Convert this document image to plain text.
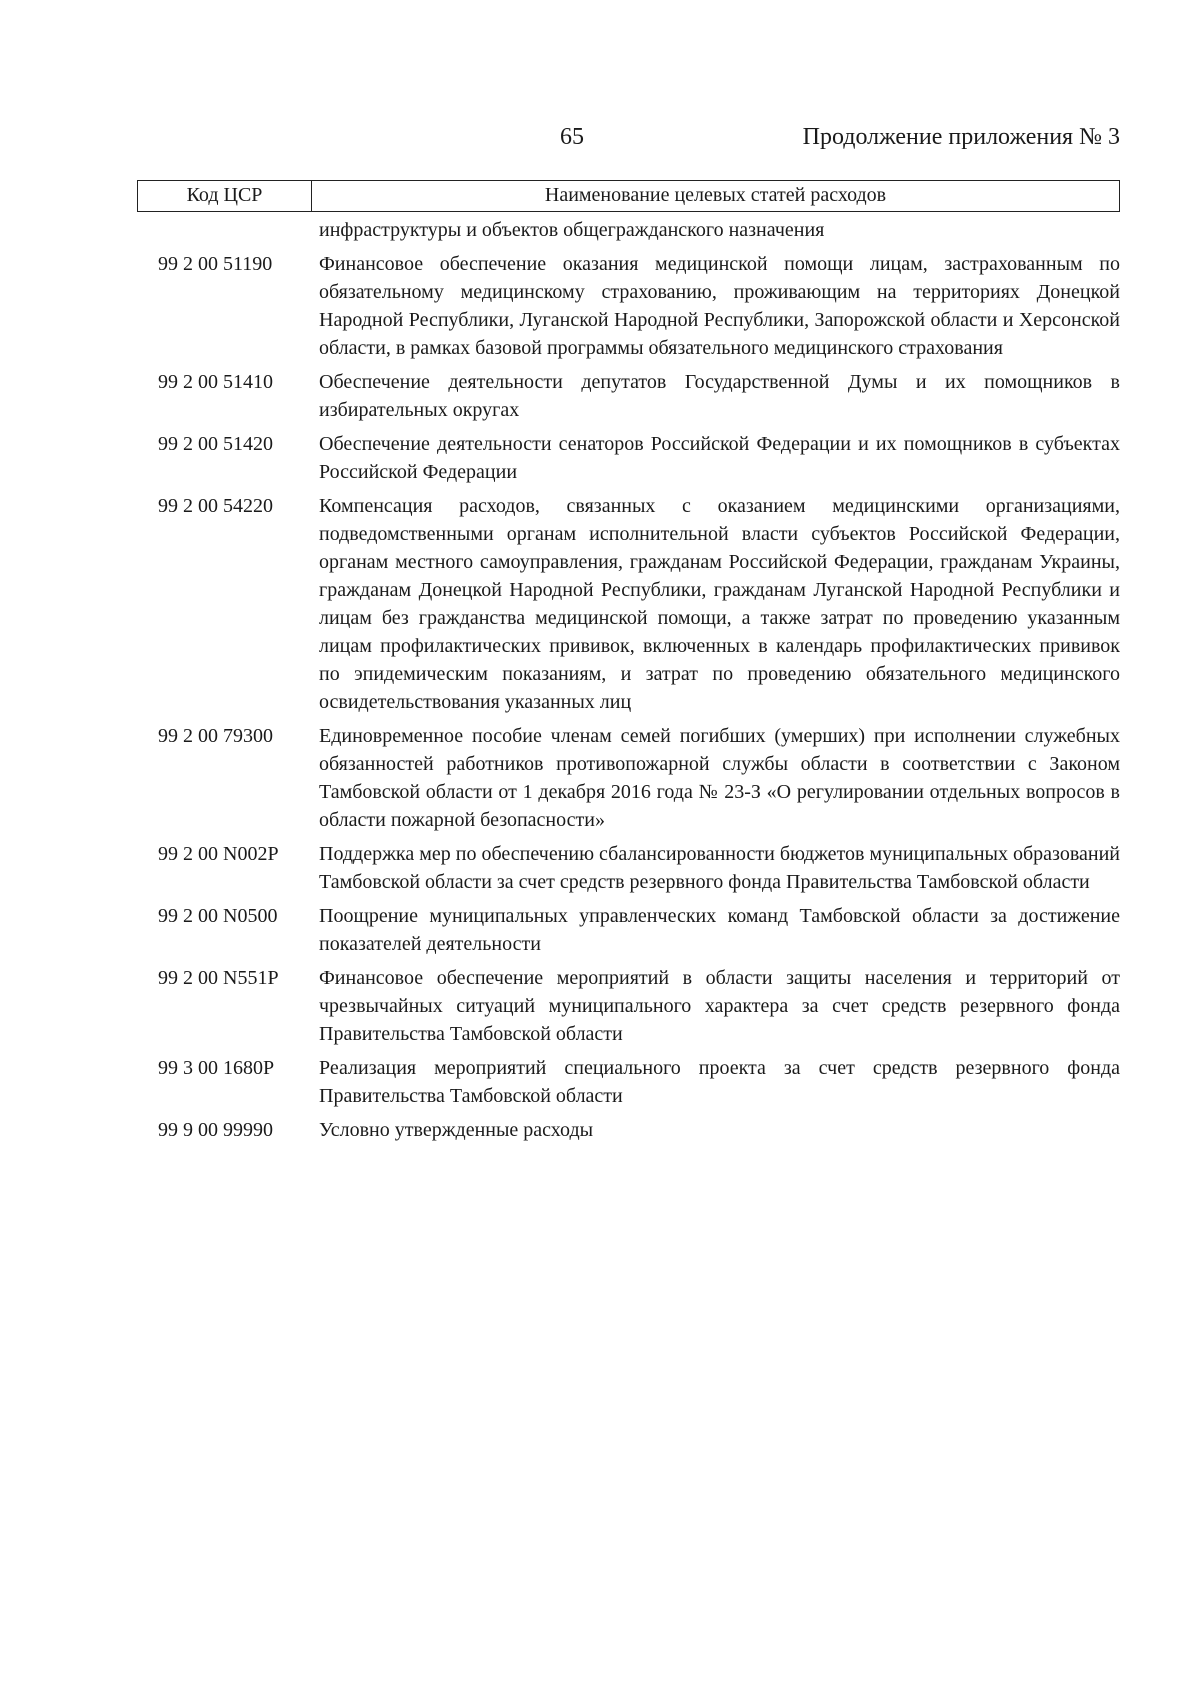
65	Продолжение приложения № 3
Код ЦСР	Наименование целевых статей расходов
инфраструктуры и объектов общегражданского назначения
99 2 00 51190	Финансовое обеспечение оказания медицинской помощи лицам, застрахованным по обязательному медицинскому страхованию, проживающим на территориях Донецкой Народной Республики, Луганской Народной Республики, Запорожской области и Херсонской области, в рамках базовой программы обязательного медицинского страхования
99 2 00 51410	Обеспечение деятельности депутатов Государственной Думы и их помощников в избирательных округах
99 2 00 51420	Обеспечение деятельности сенаторов Российской Федерации и их помощников в субъектах Российской Федерации
99 2 00 54220	Компенсация расходов, связанных с оказанием медицинскими организациями, подведомственными органам исполнительной власти субъектов Российской Федерации, органам местного самоуправления, гражданам Российской Федерации, гражданам Украины, гражданам Донецкой Народной Республики, гражданам Луганской Народной Республики и лицам без гражданства медицинской помощи, а также затрат по проведению указанным лицам профилактических прививок, включенных в календарь профилактических прививок по эпидемическим показаниям, и затрат по проведению обязательного медицинского освидетельствования указанных лиц
99 2 00 79300	Единовременное пособие членам семей погибших (умерших) при исполнении служебных обязанностей работников противопожарной службы области в соответствии с Законом Тамбовской области от 1 декабря 2016 года № 23-З «О регулировании отдельных вопросов в области пожарной безопасности»
99 2 00 N002P	Поддержка мер по обеспечению сбалансированности бюджетов муниципальных образований Тамбовской области за счет средств резервного фонда Правительства Тамбовской области
99 2 00 N0500	Поощрение муниципальных управленческих команд Тамбовской области за достижение показателей деятельности
99 2 00 N551P	Финансовое обеспечение мероприятий в области защиты населения и территорий от чрезвычайных ситуаций муниципального характера за счет средств резервного фонда Правительства Тамбовской области
99 3 00 1680P	Реализация мероприятий специального проекта за счет средств резервного фонда Правительства Тамбовской области
99 9 00 99990	Условно утвержденные расходы
